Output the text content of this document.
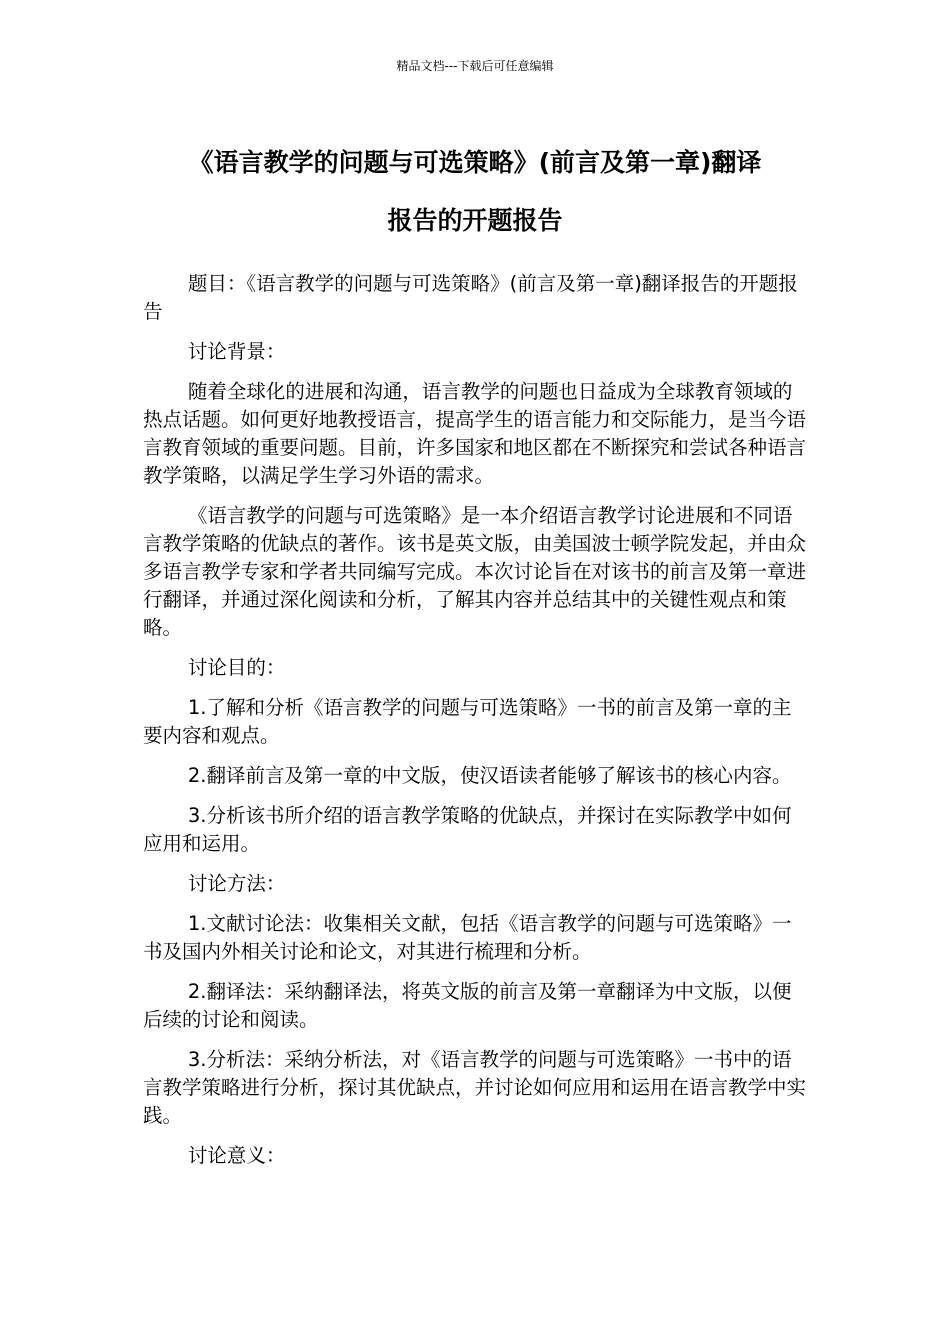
精品文档---下载后可任意编辑
《语言教学的问题与可选策略》(前言及第一章)翻译
报告的开题报告

题目：《语言教学的问题与可选策略》(前言及第一章)翻译报告的开题报告

讨论背景：

随着全球化的进展和沟通，语言教学的问题也日益成为全球教育领域的热点话题。如何更好地教授语言，提高学生的语言能力和交际能力，是当今语言教育领域的重要问题。目前，许多国家和地区都在不断探究和尝试各种语言教学策略，以满足学生学习外语的需求。

《语言教学的问题与可选策略》是一本介绍语言教学讨论进展和不同语言教学策略的优缺点的著作。该书是英文版，由美国波士顿学院发起，并由众多语言教学专家和学者共同编写完成。本次讨论旨在对该书的前言及第一章进行翻译，并通过深化阅读和分析，了解其内容并总结其中的关键性观点和策略。

讨论目的：

1.了解和分析《语言教学的问题与可选策略》一书的前言及第一章的主要内容和观点。

2.翻译前言及第一章的中文版，使汉语读者能够了解该书的核心内容。

3.分析该书所介绍的语言教学策略的优缺点，并探讨在实际教学中如何应用和运用。

讨论方法：

1.文献讨论法：收集相关文献，包括《语言教学的问题与可选策略》一书及国内外相关讨论和论文，对其进行梳理和分析。

2.翻译法：采纳翻译法，将英文版的前言及第一章翻译为中文版，以便后续的讨论和阅读。

3.分析法：采纳分析法，对《语言教学的问题与可选策略》一书中的语言教学策略进行分析，探讨其优缺点，并讨论如何应用和运用在语言教学中实践。

讨论意义：
